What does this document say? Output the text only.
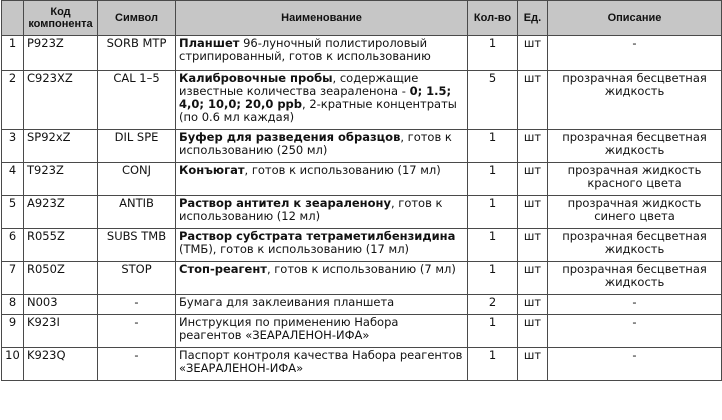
	Код компонента	Символ	Наименование	Кол-во	Ед.	Описание
1	P923Z	SORB MTP	Планшет 96-луночный полистироловый стрипированный, готов к использованию	1	шт	-
2	C923XZ	CAL 1–5	Калибровочные пробы, содержащие известные количества зеараленона - 0; 1.5; 4,0; 10,0; 20,0 ppb, 2-кратные концентраты (по 0.6 мл каждая)	5	шт	прозрачная бесцветная жидкость
3	SP92xZ	DIL SPE	Буфер для разведения образцов, готов к использованию (250 мл)	1	шт	прозрачная бесцветная жидкость
4	T923Z	CONJ	Конъюгат, готов к использованию (17 мл)	1	шт	прозрачная жидкость красного цвета
5	A923Z	ANTIB	Раствор антител к зеараленону, готов к использованию (12 мл)	1	шт	прозрачная жидкость синего цвета
6	R055Z	SUBS TMB	Раствор субстрата тетраметилбензидина (ТМБ), готов к использованию (17 мл)	1	шт	прозрачная бесцветная жидкость
7	R050Z	STOP	Стоп-реагент, готов к использованию (7 мл)	1	шт	прозрачная бесцветная жидкость
8	N003	-	Бумага для заклеивания планшета	2	шт	-
9	K923I	-	Инструкция по применению Набора реагентов «ЗЕАРАЛЕНОН-ИФА»	1	шт	-
10	K923Q	-	Паспорт контроля качества Набора реагентов «ЗЕАРАЛЕНОН-ИФА»	1	шт	-
